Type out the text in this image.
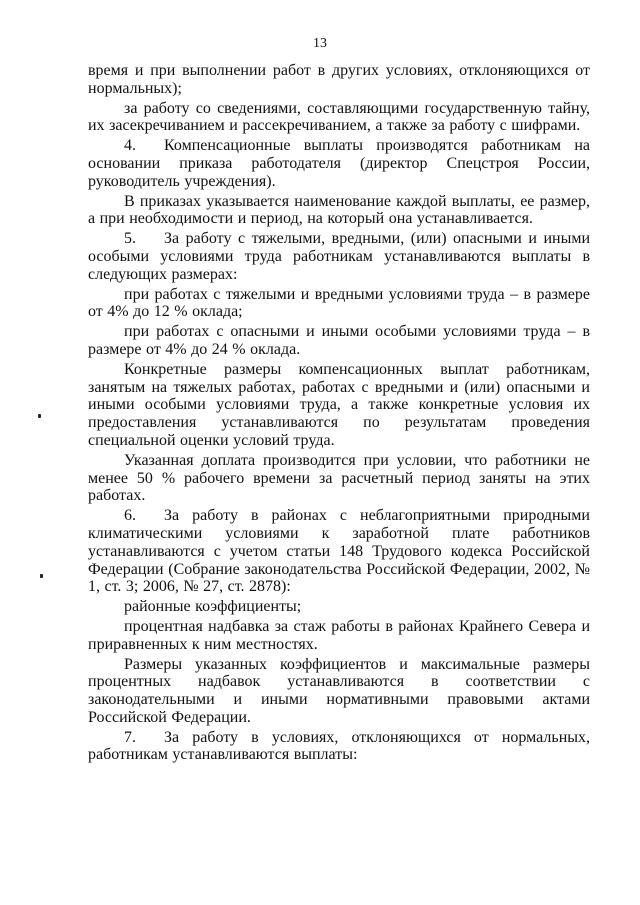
13

время и при выполнении работ в других условиях, отклоняющихся от нормальных);

за работу со сведениями, составляющими государственную тайну, их засекречиванием и рассекречиванием, а также за работу с шифрами.

4. Компенсационные выплаты производятся работникам на основании приказа работодателя (директор Спецстроя России, руководитель учреждения).

В приказах указывается наименование каждой выплаты, ее размер, а при необходимости и период, на который она устанавливается.

5. За работу с тяжелыми, вредными, (или) опасными и иными особыми условиями труда работникам устанавливаются выплаты в следующих размерах:

при работах с тяжелыми и вредными условиями труда – в размере от 4% до 12 % оклада;

при работах с опасными и иными особыми условиями труда – в размере от 4% до 24 % оклада.

Конкретные размеры компенсационных выплат работникам, занятым на тяжелых работах, работах с вредными и (или) опасными и иными особыми условиями труда, а также конкретные условия их предоставления устанавливаются по результатам проведения специальной оценки условий труда.

Указанная доплата производится при условии, что работники не менее 50 % рабочего времени за расчетный период заняты на этих работах.

6. За работу в районах с неблагоприятными природными климатическими условиями к заработной плате работников устанавливаются с учетом статьи 148 Трудового кодекса Российской Федерации (Собрание законодательства Российской Федерации, 2002, № 1, ст. 3; 2006, № 27, ст. 2878):

районные коэффициенты;

процентная надбавка за стаж работы в районах Крайнего Севера и приравненных к ним местностях.

Размеры указанных коэффициентов и максимальные размеры процентных надбавок устанавливаются в соответствии с законодательными и иными нормативными правовыми актами Российской Федерации.

7. За работу в условиях, отклоняющихся от нормальных, работникам устанавливаются выплаты:
